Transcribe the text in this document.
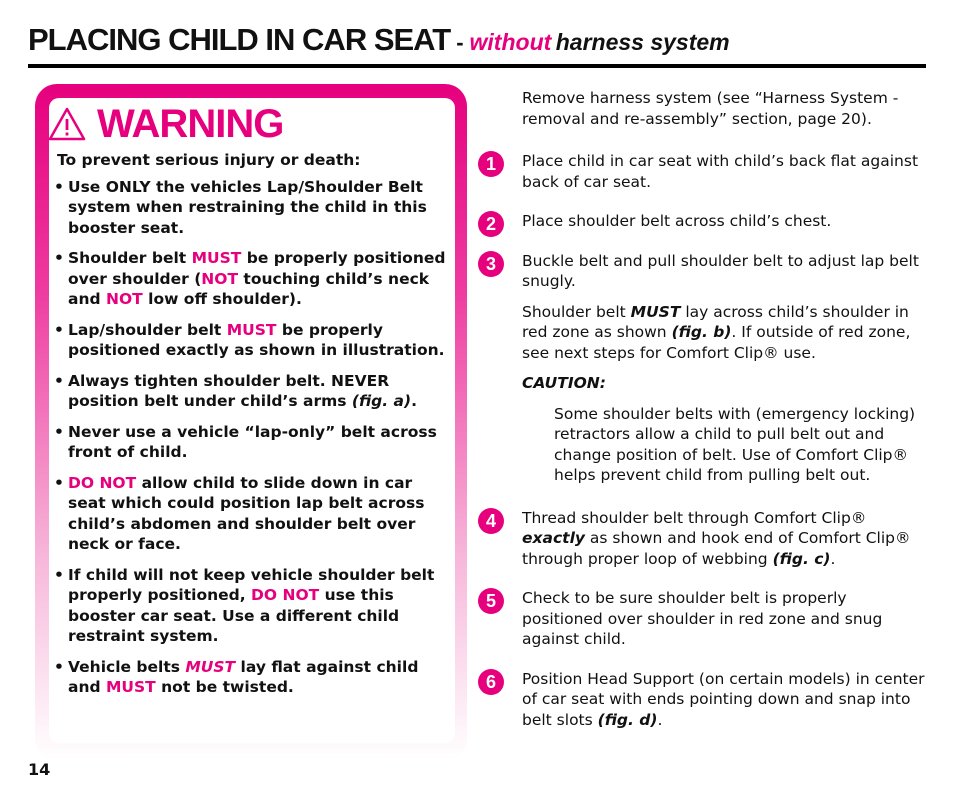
PLACING CHILD IN CAR SEAT - without harness system
WARNING
To prevent serious injury or death:
• Use ONLY the vehicles Lap/Shoulder Belt system when restraining the child in this booster seat.
• Shoulder belt MUST be properly positioned over shoulder (NOT touching child’s neck and NOT low off shoulder).
• Lap/shoulder belt MUST be properly positioned exactly as shown in illustration.
• Always tighten shoulder belt. NEVER position belt under child’s arms (fig. a).
• Never use a vehicle “lap-only” belt across front of child.
• DO NOT allow child to slide down in car seat which could position lap belt across child’s abdomen and shoulder belt over neck or face.
• If child will not keep vehicle shoulder belt properly positioned, DO NOT use this booster car seat. Use a different child restraint system.
• Vehicle belts MUST lay flat against child and MUST not be twisted.
Remove harness system (see “Harness System - removal and re-assembly” section, page 20).
1	Place child in car seat with child’s back flat against back of car seat.
2	Place shoulder belt across child’s chest.
3	Buckle belt and pull shoulder belt to adjust lap belt snugly.
Shoulder belt MUST lay across child’s shoulder in red zone as shown (fig. b). If outside of red zone, see next steps for Comfort Clip® use.
CAUTION:
Some shoulder belts with (emergency locking) retractors allow a child to pull belt out and change position of belt. Use of Comfort Clip® helps prevent child from pulling belt out.
4	Thread shoulder belt through Comfort Clip® exactly as shown and hook end of Comfort Clip® through proper loop of webbing (fig. c).
5	Check to be sure shoulder belt is properly positioned over shoulder in red zone and snug against child.
6	Position Head Support (on certain models) in center of car seat with ends pointing down and snap into belt slots (fig. d).
14
